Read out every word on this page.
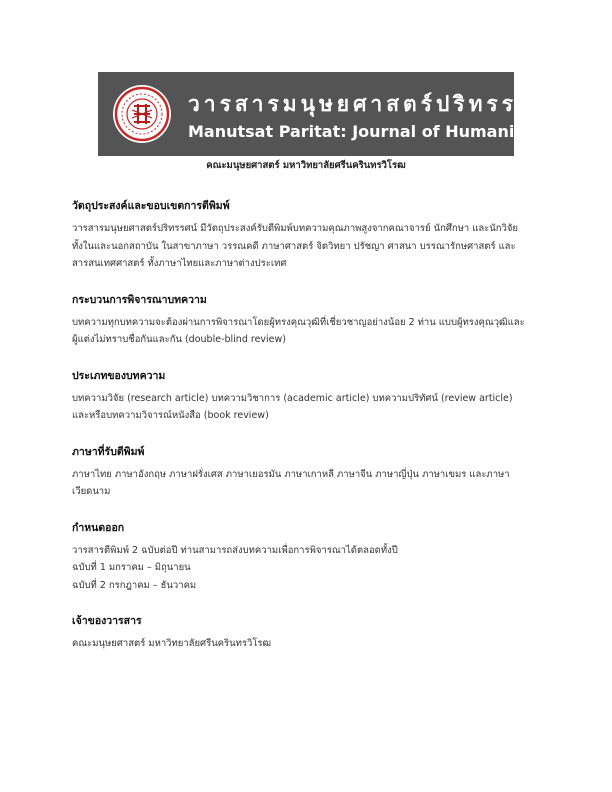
วารสารมนุษยศาสตร์ปริทรรศน์
Manutsat Paritat: Journal of Humanities
คณะมนุษยศาสตร์ มหาวิทยาลัยศรีนครินทรวิโรฒ
วัตถุประสงค์และขอบเขตการตีพิมพ์
วารสารมนุษยศาสตร์ปริทรรศน์ มีวัตถุประสงค์รับตีพิมพ์บทความคุณภาพสูงจากคณาจารย์ นักศึกษา และนักวิจัย
ทั้งในและนอกสถาบัน ในสาขาภาษา วรรณคดี ภาษาศาสตร์ จิตวิทยา ปรัชญา ศาสนา บรรณารักษศาสตร์ และ
สารสนเทศศาสตร์ ทั้งภาษาไทยและภาษาต่างประเทศ
กระบวนการพิจารณาบทความ
บทความทุกบทความจะต้องผ่านการพิจารณาโดยผู้ทรงคุณวุฒิที่เชี่ยวชาญอย่างน้อย 2 ท่าน แบบผู้ทรงคุณวุฒิและ
ผู้แต่งไม่ทราบชื่อกันและกัน (double-blind review)
ประเภทของบทความ
บทความวิจัย (research article) บทความวิชาการ (academic article) บทความปริทัศน์ (review article)
และหรือบทความวิจารณ์หนังสือ (book review)
ภาษาที่รับตีพิมพ์
ภาษาไทย ภาษาอังกฤษ ภาษาฝรั่งเศส ภาษาเยอรมัน ภาษาเกาหลี ภาษาจีน ภาษาญี่ปุ่น ภาษาเขมร และภาษา
เวียดนาม
กำหนดออก
วารสารตีพิมพ์ 2 ฉบับต่อปี ท่านสามารถส่งบทความเพื่อการพิจารณาได้ตลอดทั้งปี
ฉบับที่ 1 มกราคม – มิถุนายน
ฉบับที่ 2 กรกฎาคม – ธันวาคม
เจ้าของวารสาร
คณะมนุษยศาสตร์ มหาวิทยาลัยศรีนครินทรวิโรฒ
